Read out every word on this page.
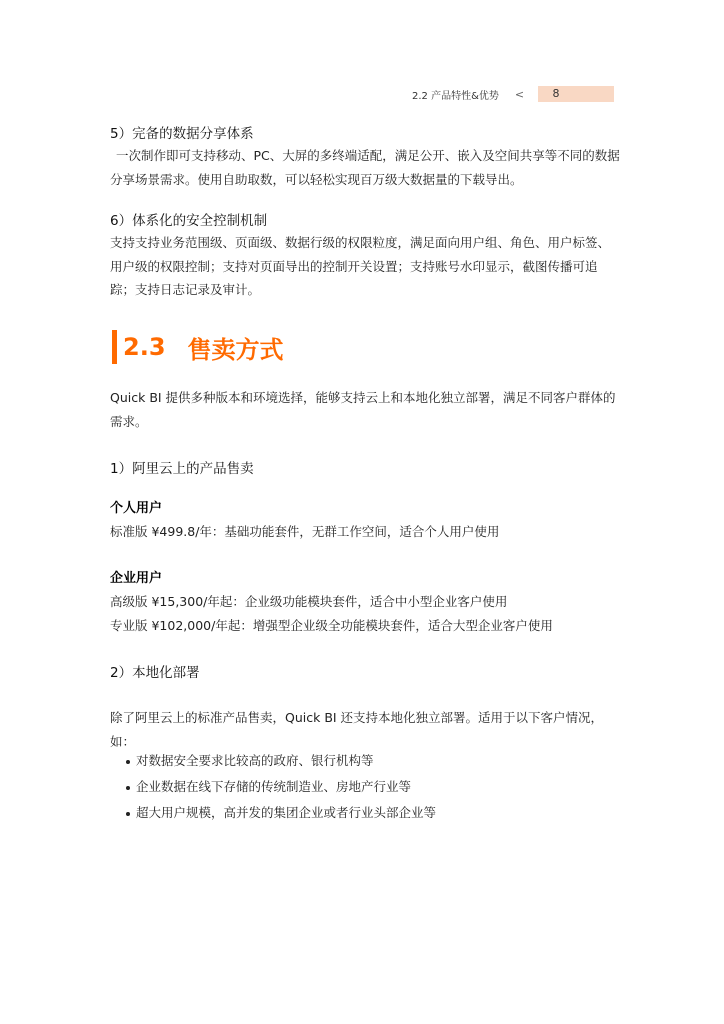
2.2 产品特性&优势 <	8
5）完备的数据分享体系

一次制作即可支持移动、PC、大屏的多终端适配，满足公开、嵌入及空间共享等不同的数据分享场景需求。使用自助取数，可以轻松实现百万级大数据量的下载导出。

6）体系化的安全控制机制

支持支持业务范围级、页面级、数据行级的权限粒度，满足面向用户组、角色、用户标签、用户级的权限控制；支持对页面导出的控制开关设置；支持账号水印显示，截图传播可追踪；支持日志记录及审计。

2.3 售卖方式

Quick BI 提供多种版本和环境选择，能够支持云上和本地化独立部署，满足不同客户群体的需求。

1）阿里云上的产品售卖
个人用户

标准版 ¥499.8/年：基础功能套件，无群工作空间，适合个人用户使用

企业用户

高级版 ¥15,300/年起：企业级功能模块套件，适合中小型企业客户使用

专业版 ¥102,000/年起：增强型企业级全功能模块套件，适合大型企业客户使用

2）本地化部署

除了阿里云上的标准产品售卖，Quick BI 还支持本地化独立部署。适用于以下客户情况，如：

对数据安全要求比较高的政府、银行机构等
企业数据在线下存储的传统制造业、房地产行业等
超大用户规模，高并发的集团企业或者行业头部企业等
